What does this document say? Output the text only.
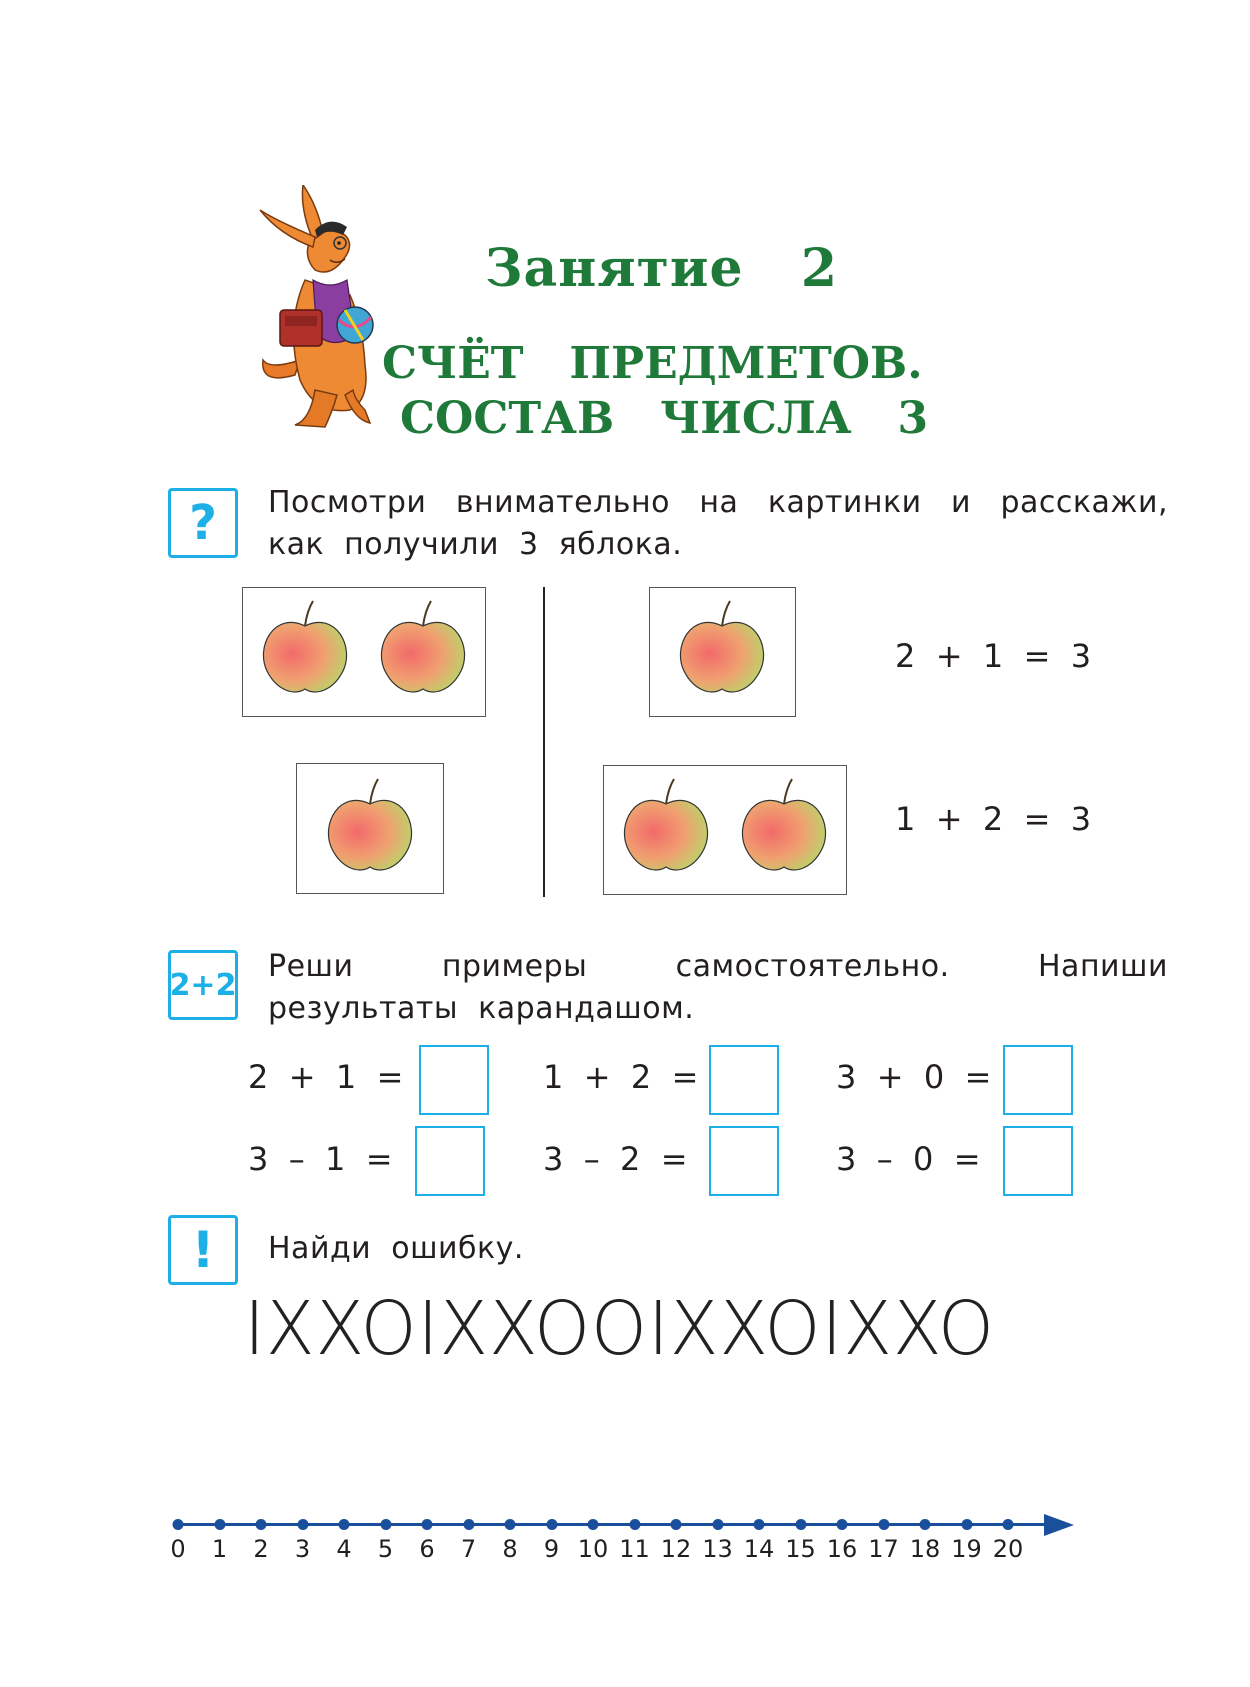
Занятие   2
СЧЁТ   ПРЕДМЕТОВ.
СОСТАВ   ЧИСЛА   3
? Посмотри внимательно на картинки и расскажи, как получили 3 яблока.
2  +  1  =  3
1  +  2  =  3
2+2
Реши примеры самостоятельно. Напиши результаты карандашом.
2  +  1  =	1  +  2  =	3  +  0  =
3  –  1  =	3  –  2  =	3  –  0  =
! Найди ошибку.
IXXOIXXOOIXXOIXXO
0 1 2 3 4 5 6 7 8 9 10 11 12 13 14 15 16 17 18 19 20
